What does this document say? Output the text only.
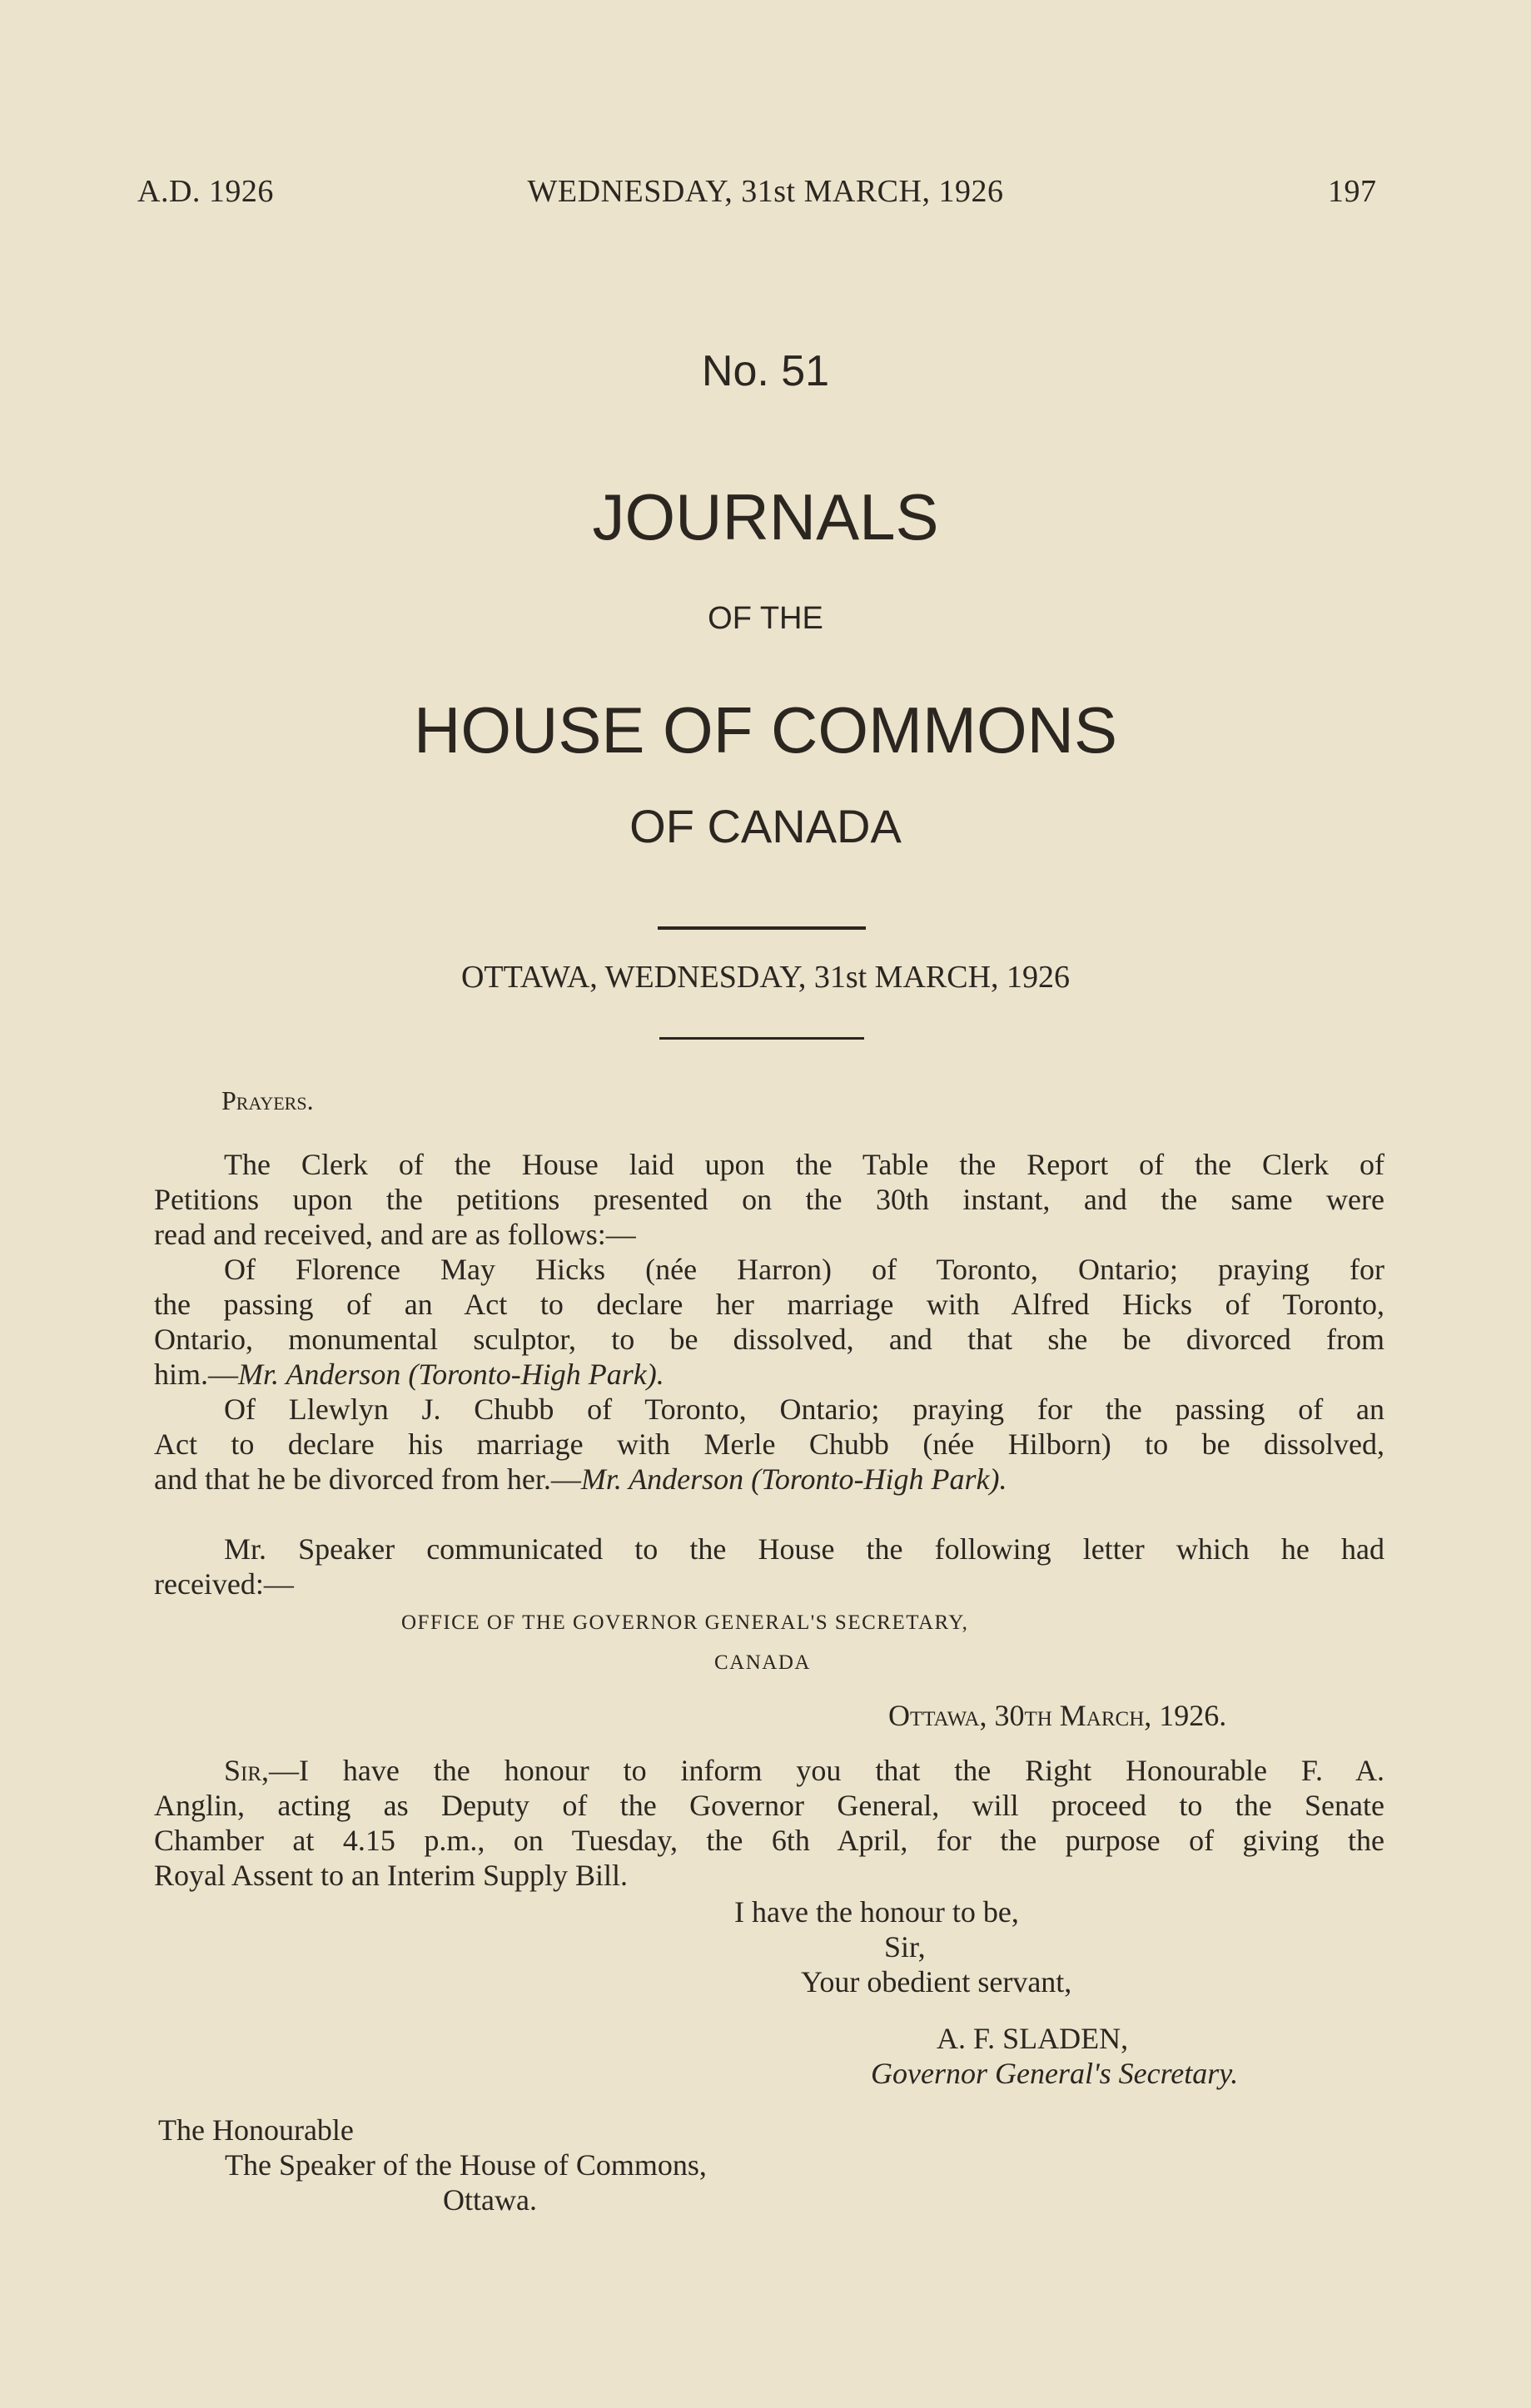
A.D. 1926	WEDNESDAY, 31st MARCH, 1926	197
No. 51
JOURNALS
OF THE
HOUSE OF COMMONS
OF CANADA
OTTAWA, WEDNESDAY, 31st MARCH, 1926
Prayers.
The Clerk of the House laid upon the Table the Report of the Clerk of
Petitions upon the petitions presented on the 30th instant, and the same were
read and received, and are as follows:—
Of Florence May Hicks (née Harron) of Toronto, Ontario; praying for
the passing of an Act to declare her marriage with Alfred Hicks of Toronto,
Ontario, monumental sculptor, to be dissolved, and that she be divorced from
him.—Mr. Anderson (Toronto-High Park).
Of Llewlyn J. Chubb of Toronto, Ontario; praying for the passing of an
Act to declare his marriage with Merle Chubb (née Hilborn) to be dissolved,
and that he be divorced from her.—Mr. Anderson (Toronto-High Park).
Mr. Speaker communicated to the House the following letter which he had
received:—
OFFICE OF THE GOVERNOR GENERAL'S SECRETARY,
CANADA
Ottawa, 30th March, 1926.
Sir,—I have the honour to inform you that the Right Honourable F. A.
Anglin, acting as Deputy of the Governor General, will proceed to the Senate
Chamber at 4.15 p.m., on Tuesday, the 6th April, for the purpose of giving the
Royal Assent to an Interim Supply Bill.
I have the honour to be,
Sir,
Your obedient servant,
A. F. SLADEN,
Governor General's Secretary.
The Honourable
The Speaker of the House of Commons,
Ottawa.
